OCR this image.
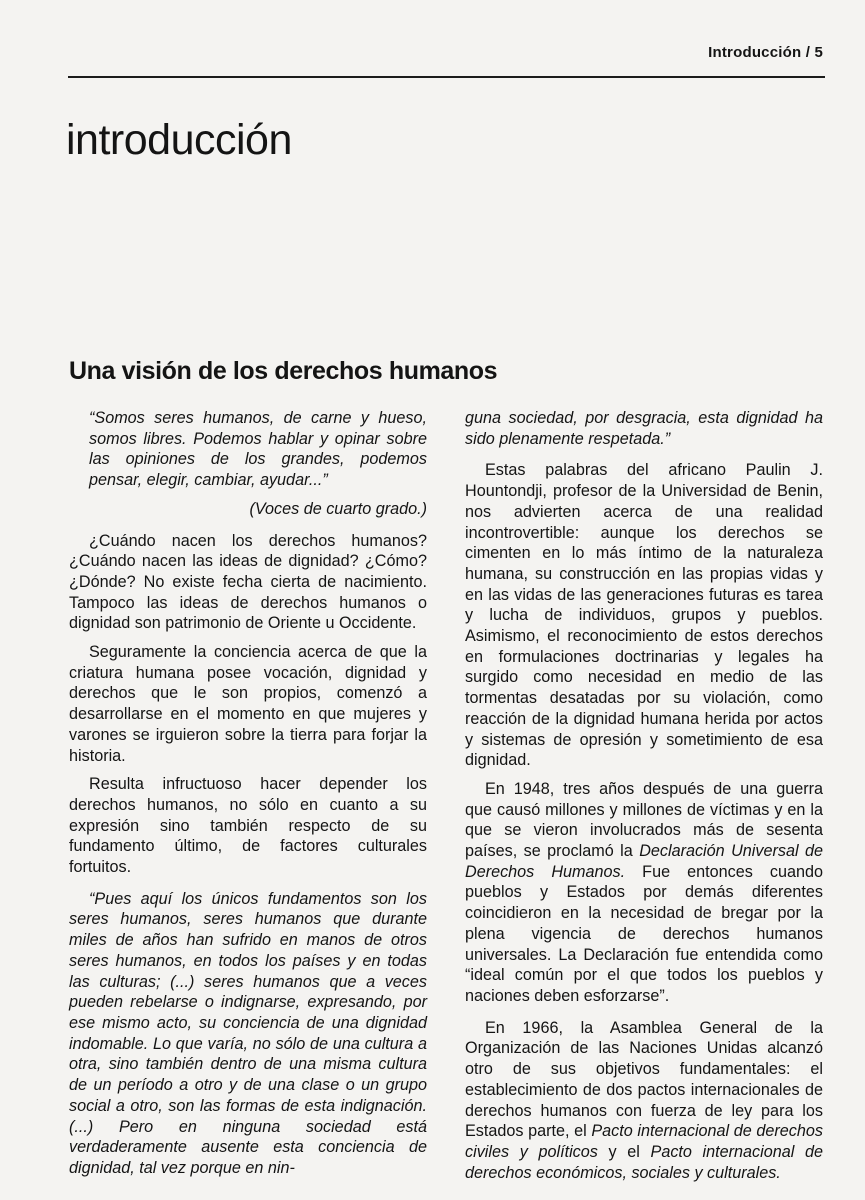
Introducción / 5
introducción
Una visión de los derechos humanos

“Somos seres humanos, de carne y hueso, somos libres. Podemos hablar y opinar sobre las opiniones de los grandes, podemos pensar, elegir, cambiar, ayudar...”

(Voces de cuarto grado.)

¿Cuándo nacen los derechos humanos? ¿Cuándo nacen las ideas de dignidad? ¿Cómo? ¿Dónde? No existe fecha cierta de nacimiento. Tampoco las ideas de derechos humanos o dignidad son patrimonio de Oriente u Occidente.

Seguramente la conciencia acerca de que la criatura humana posee vocación, dignidad y derechos que le son propios, comenzó a desarrollarse en el momento en que mujeres y varones se irguieron sobre la tierra para forjar la historia.

Resulta infructuoso hacer depender los derechos humanos, no sólo en cuanto a su expresión sino también respecto de su fundamento último, de factores culturales fortuitos.

“Pues aquí los únicos fundamentos son los seres humanos, seres humanos que durante miles de años han sufrido en manos de otros seres humanos, en todos los países y en todas las culturas; (...) seres humanos que a veces pueden rebelarse o indignarse, expresando, por ese mismo acto, su conciencia de una dignidad indomable. Lo que varía, no sólo de una cultura a otra, sino también dentro de una misma cultura de un período a otro y de una clase o un grupo social a otro, son las formas de esta indignación. (...) Pero en ninguna sociedad está verdaderamente ausente esta conciencia de dignidad, tal vez porque en nin-

guna sociedad, por desgracia, esta dignidad ha sido plenamente respetada.”

Estas palabras del africano Paulin J. Hountondji, profesor de la Universidad de Benin, nos advierten acerca de una realidad incontrovertible: aunque los derechos se cimenten en lo más íntimo de la naturaleza humana, su construcción en las propias vidas y en las vidas de las generaciones futuras es tarea y lucha de individuos, grupos y pueblos. Asimismo, el reconocimiento de estos derechos en formulaciones doctrinarias y legales ha surgido como necesidad en medio de las tormentas desatadas por su violación, como reacción de la dignidad humana herida por actos y sistemas de opresión y sometimiento de esa dignidad.

En 1948, tres años después de una guerra que causó millones y millones de víctimas y en la que se vieron involucrados más de sesenta países, se proclamó la Declaración Universal de Derechos Humanos. Fue entonces cuando pueblos y Estados por demás diferentes coincidieron en la necesidad de bregar por la plena vigencia de derechos humanos universales. La Declaración fue entendida como “ideal común por el que todos los pueblos y naciones deben esforzarse”.

En 1966, la Asamblea General de la Organización de las Naciones Unidas alcanzó otro de sus objetivos fundamentales: el establecimiento de dos pactos internacionales de derechos humanos con fuerza de ley para los Estados parte, el Pacto internacional de derechos civiles y políticos y el Pacto internacional de derechos económicos, sociales y culturales.
